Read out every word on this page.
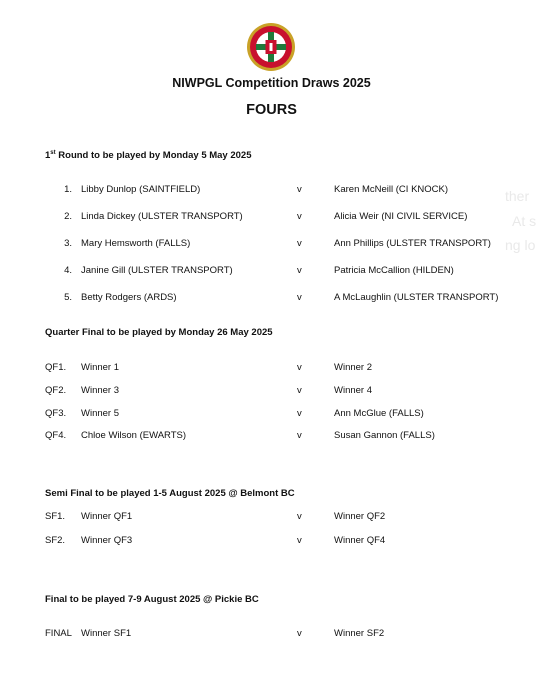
NIWPGL Competition Draws 2025
FOURS
1st Round to be played by Monday 5 May 2025
1. Libby Dunlop (SAINTFIELD)	v	Karen McNeill (CI KNOCK)
2. Linda Dickey (ULSTER TRANSPORT)	v	Alicia Weir (NI CIVIL SERVICE)
3. Mary Hemsworth (FALLS)	v	Ann Phillips (ULSTER TRANSPORT)
4. Janine Gill (ULSTER TRANSPORT)	v	Patricia McCallion (HILDEN)
5. Betty Rodgers (ARDS)	v	A McLaughlin (ULSTER TRANSPORT)
Quarter Final to be played by Monday 26 May 2025
QF1. Winner 1	v	Winner 2
QF2. Winner 3	v	Winner 4
QF3. Winner 5	v	Ann McGlue (FALLS)
QF4. Chloe Wilson (EWARTS)	v	Susan Gannon (FALLS)
Semi Final to be played 1-5 August 2025 @ Belmont BC
SF1. Winner QF1	v	Winner QF2
SF2. Winner QF3	v	Winner QF4
Final to be played 7-9 August 2025 @ Pickie BC
FINAL Winner SF1	v	Winner SF2
ther
At s
ng lo
